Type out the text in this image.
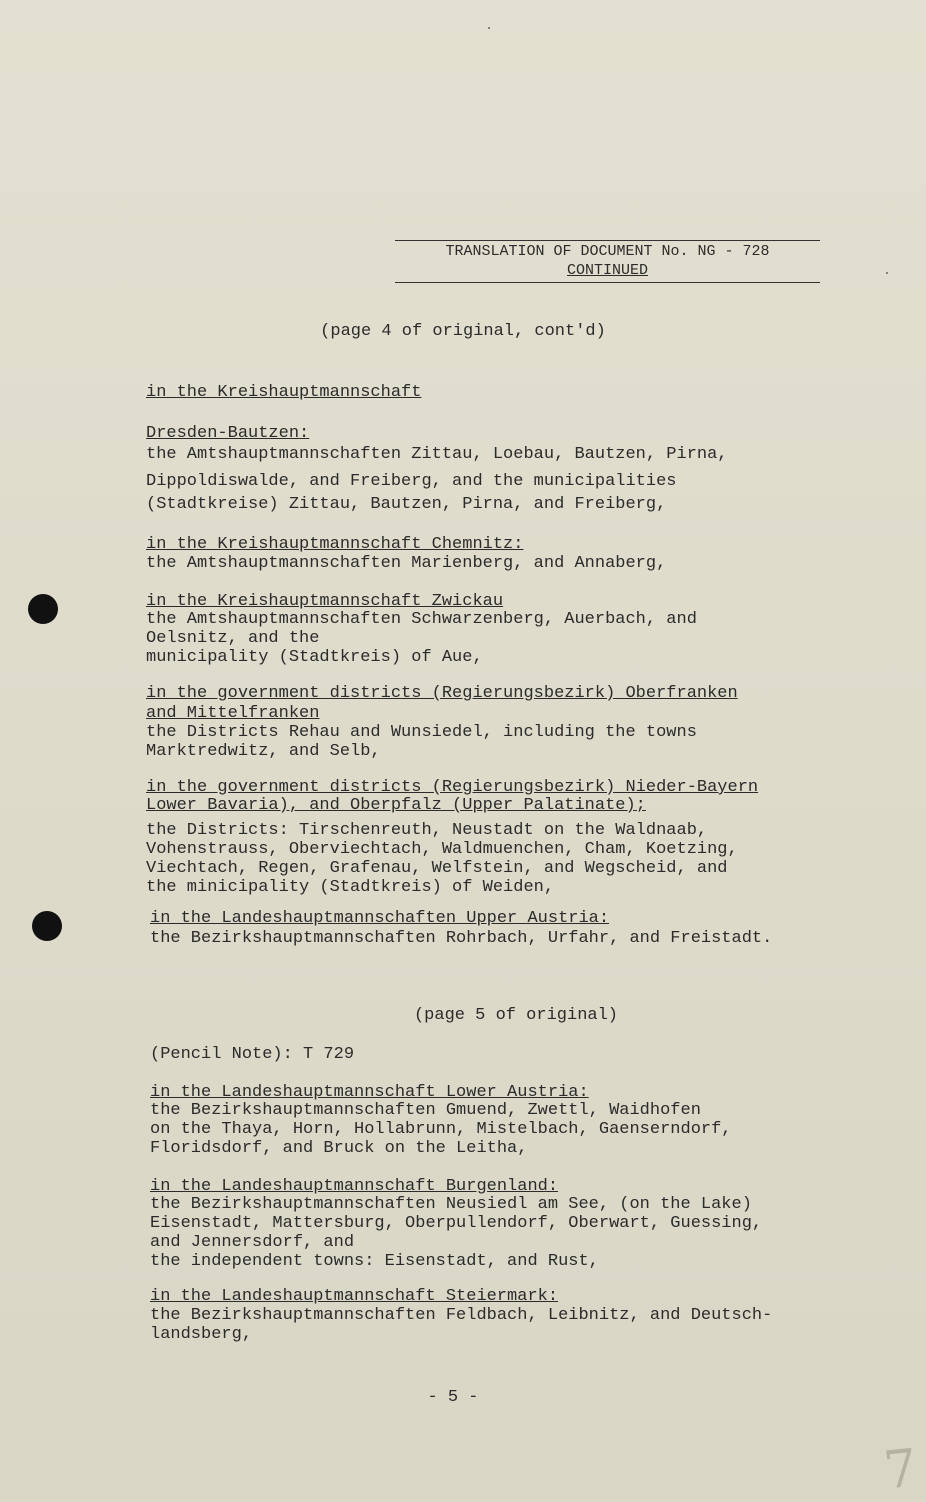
TRANSLATION OF DOCUMENT No. NG - 728
CONTINUED
(page 4 of original, cont'd)
in the Kreishauptmannschaft
Dresden-Bautzen:
the Amtshauptmannschaften Zittau, Loebau, Bautzen, Pirna,
Dippoldiswalde, and Freiberg, and the municipalities
(Stadtkreise) Zittau, Bautzen, Pirna, and Freiberg,
in the Kreishauptmannschaft Chemnitz:
the Amtshauptmannschaften Marienberg, and Annaberg,
in the Kreishauptmannschaft Zwickau
the Amtshauptmannschaften Schwarzenberg, Auerbach, and
Oelsnitz, and the
municipality (Stadtkreis) of Aue,
in the government districts (Regierungsbezirk) Oberfranken
and Mittelfranken
the Districts Rehau and Wunsiedel, including the towns
Marktredwitz, and Selb,
in the government districts (Regierungsbezirk) Nieder-Bayern
Lower Bavaria), and Oberpfalz (Upper Palatinate);
the Districts: Tirschenreuth, Neustadt on the Waldnaab,
Vohenstrauss, Oberviechtach, Waldmuenchen, Cham, Koetzing,
Viechtach, Regen, Grafenau, Welfstein, and Wegscheid, and
the minicipality (Stadtkreis) of Weiden,
in the Landeshauptmannschaften Upper Austria:
the Bezirkshauptmannschaften Rohrbach, Urfahr, and Freistadt.
(page 5 of original)
(Pencil Note): T 729
in the Landeshauptmannschaft Lower Austria:
the Bezirkshauptmannschaften Gmuend, Zwettl, Waidhofen
on the Thaya, Horn, Hollabrunn, Mistelbach, Gaenserndorf,
Floridsdorf, and Bruck on the Leitha,
in the Landeshauptmannschaft Burgenland:
the Bezirkshauptmannschaften Neusiedl am See, (on the Lake)
Eisenstadt, Mattersburg, Oberpullendorf, Oberwart, Guessing,
and Jennersdorf, and
the independent towns: Eisenstadt, and Rust,
in the Landeshauptmannschaft Steiermark:
the Bezirkshauptmannschaften Feldbach, Leibnitz, and Deutsch-
landsberg,
- 5 -
7
